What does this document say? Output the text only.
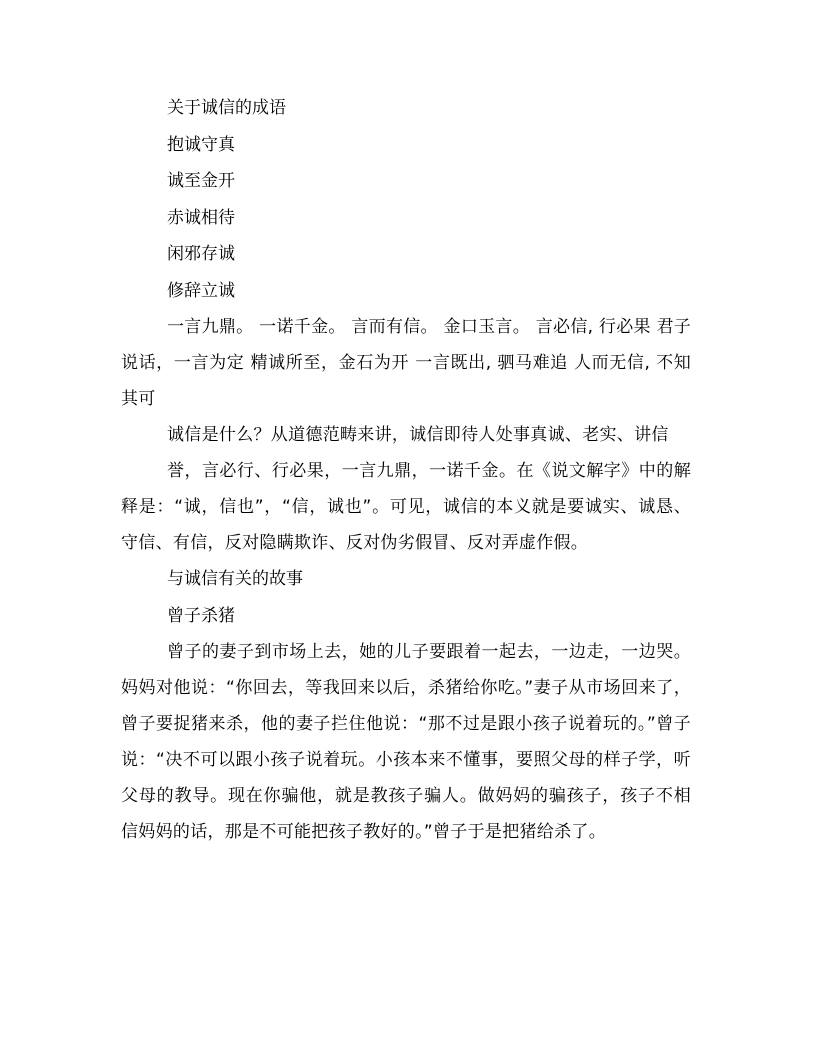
关于诚信的成语

抱诚守真

诚至金开

赤诚相待

闲邪存诚

修辞立诚

一言九鼎。 一诺千金。 言而有信。 金口玉言。 言必信, 行必果 君子说话，一言为定 精诚所至，金石为开 一言既出, 驷马难追 人而无信, 不知其可

诚信是什么？从道德范畴来讲，诚信即待人处事真诚、老实、讲信

誉，言必行、行必果，一言九鼎，一诺千金。在《说文解字》中的解释是：“诚，信也”，“信，诚也”。可见，诚信的本义就是要诚实、诚恳、守信、有信，反对隐瞒欺诈、反对伪劣假冒、反对弄虚作假。

与诚信有关的故事

曾子杀猪

曾子的妻子到市场上去，她的儿子要跟着一起去，一边走，一边哭。妈妈对他说：“你回去，等我回来以后，杀猪给你吃。”妻子从市场回来了，曾子要捉猪来杀，他的妻子拦住他说：“那不过是跟小孩子说着玩的。”曾子说：“决不可以跟小孩子说着玩。小孩本来不懂事，要照父母的样子学，听父母的教导。现在你骗他，就是教孩子骗人。做妈妈的骗孩子，孩子不相信妈妈的话，那是不可能把孩子教好的。”曾子于是把猪给杀了。
